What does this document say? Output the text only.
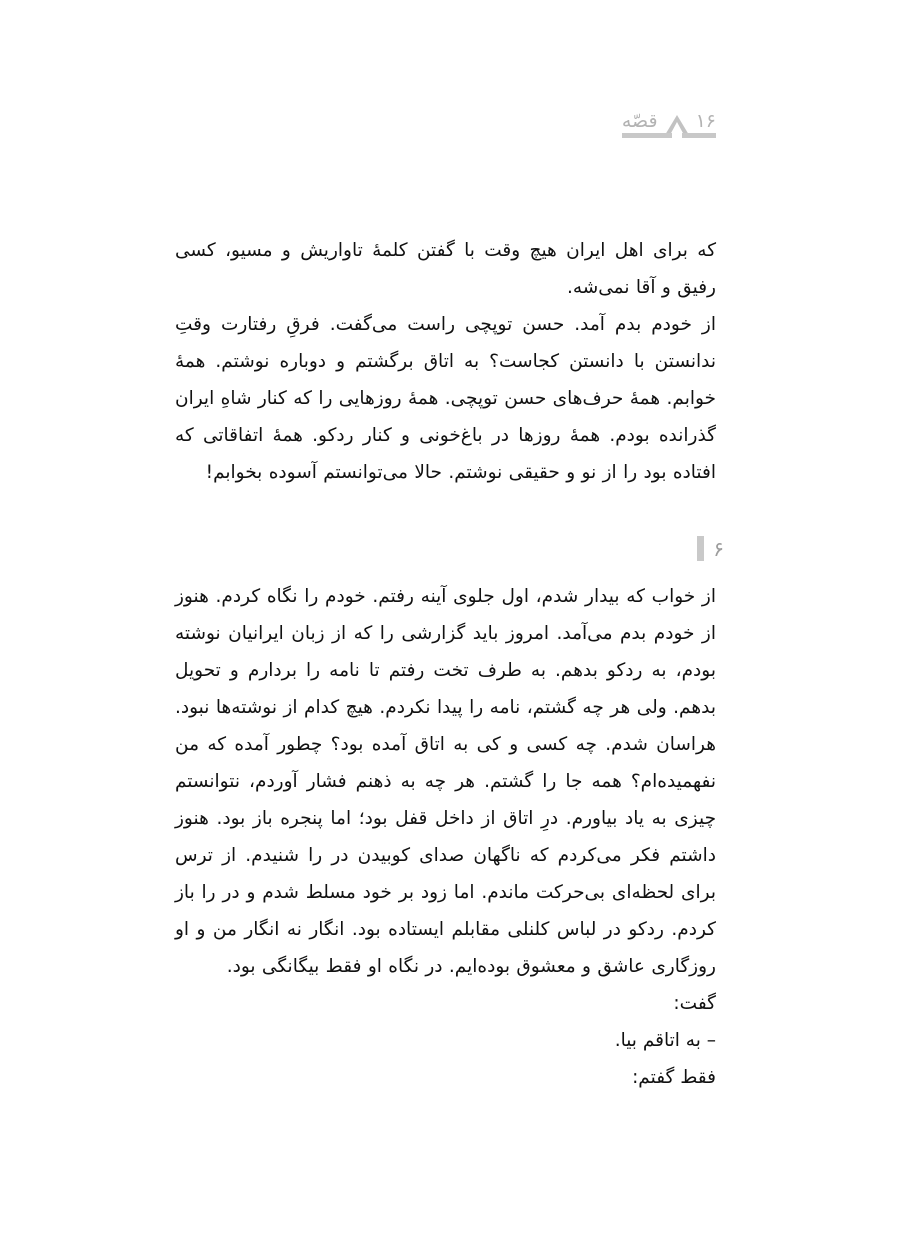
۱۶
قصّه

که برای اهل ایران هیچ وقت با گفتن کلمهٔ تاواریش و مسیو، کسی رفیق و آقا نمی‌شه.

از خودم بدم آمد. حسن توپچی راست می‌گفت. فرقِ رفتارت وقتِ ندانستن با دانستن کجاست؟ به اتاق برگشتم و دوباره نوشتم. همهٔ خوابم. همهٔ حرف‌های حسن توپچی. همهٔ روزهایی را که کنار شاهِ ایران گذرانده بودم. همهٔ روزها در باغ‌خونی و کنار ردکو. همهٔ اتفاقاتی که افتاده بود را از نو و حقیقی نوشتم. حالا می‌توانستم آسوده بخوابم!

۶

از خواب که بیدار شدم، اول جلوی آینه رفتم. خودم را نگاه کردم. هنوز از خودم بدم می‌آمد. امروز باید گزارشی را که از زبان ایرانیان نوشته بودم، به ردکو بدهم. به طرف تخت رفتم تا نامه را بردارم و تحویل بدهم. ولی هر چه گشتم، نامه را پیدا نکردم. هیچ کدام از نوشته‌ها نبود. هراسان شدم. چه کسی و کی به اتاق آمده بود؟ چطور آمده که من نفهمیده‌ام؟ همه جا را گشتم. هر چه به ذهنم فشار آوردم، نتوانستم چیزی به یاد بیاورم. درِ اتاق از داخل قفل بود؛ اما پنجره باز بود. هنوز داشتم فکر می‌کردم که ناگهان صدای کوبیدن در را شنیدم. از ترس برای لحظه‌ای بی‌حرکت ماندم. اما زود بر خود مسلط شدم و در را باز کردم. ردکو در لباس کلنلی مقابلم ایستاده بود. انگار نه انگار من و او روزگاری عاشق و معشوق بوده‌ایم. در نگاه او فقط بیگانگی بود.

گفت:

– به اتاقم بیا.

فقط گفتم:
